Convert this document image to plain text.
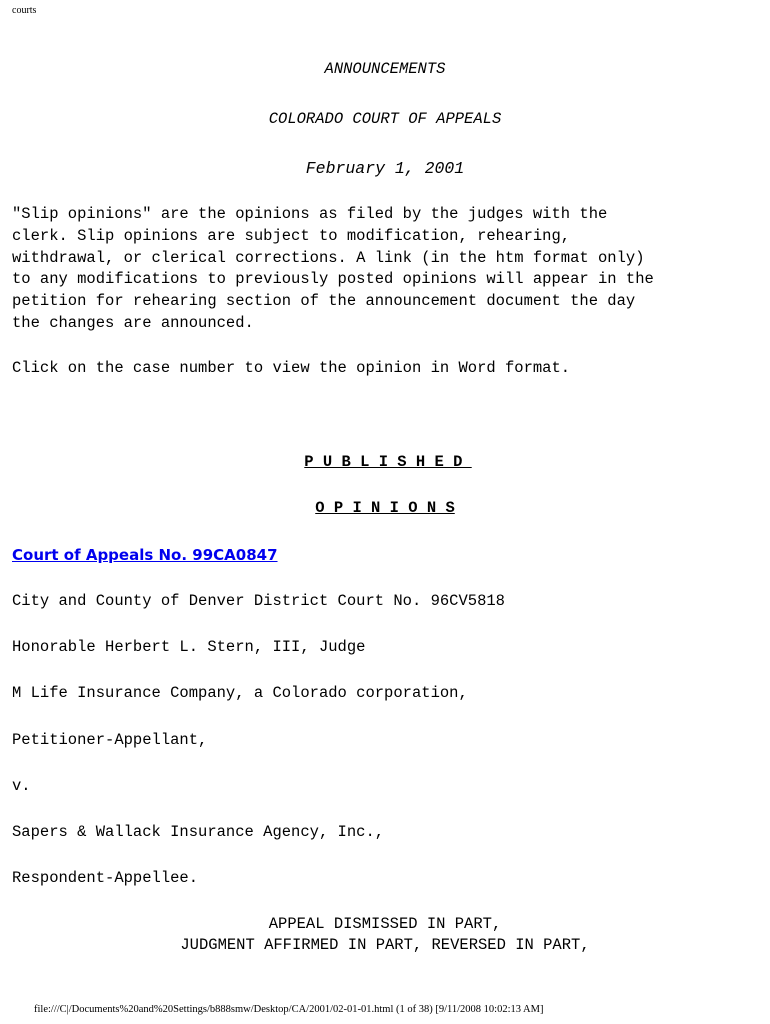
courts
ANNOUNCEMENTS
COLORADO COURT OF APPEALS
February 1, 2001
"Slip opinions" are the opinions as filed by the judges with the
clerk. Slip opinions are subject to modification, rehearing,
withdrawal, or clerical corrections. A link (in the htm format only)
to any modifications to previously posted opinions will appear in the
petition for rehearing section of the announcement document the day
the changes are announced.
Click on the case number to view the opinion in Word format.
P U B L I S H E D
O P I N I O N S
Court of Appeals No. 99CA0847
City and County of Denver District Court No. 96CV5818
Honorable Herbert L. Stern, III, Judge
M Life Insurance Company, a Colorado corporation,
Petitioner-Appellant,
v.
Sapers & Wallack Insurance Agency, Inc.,
Respondent-Appellee.
APPEAL DISMISSED IN PART,
JUDGMENT AFFIRMED IN PART, REVERSED IN PART,
file:///C|/Documents%20and%20Settings/b888smw/Desktop/CA/2001/02-01-01.html (1 of 38) [9/11/2008 10:02:13 AM]
